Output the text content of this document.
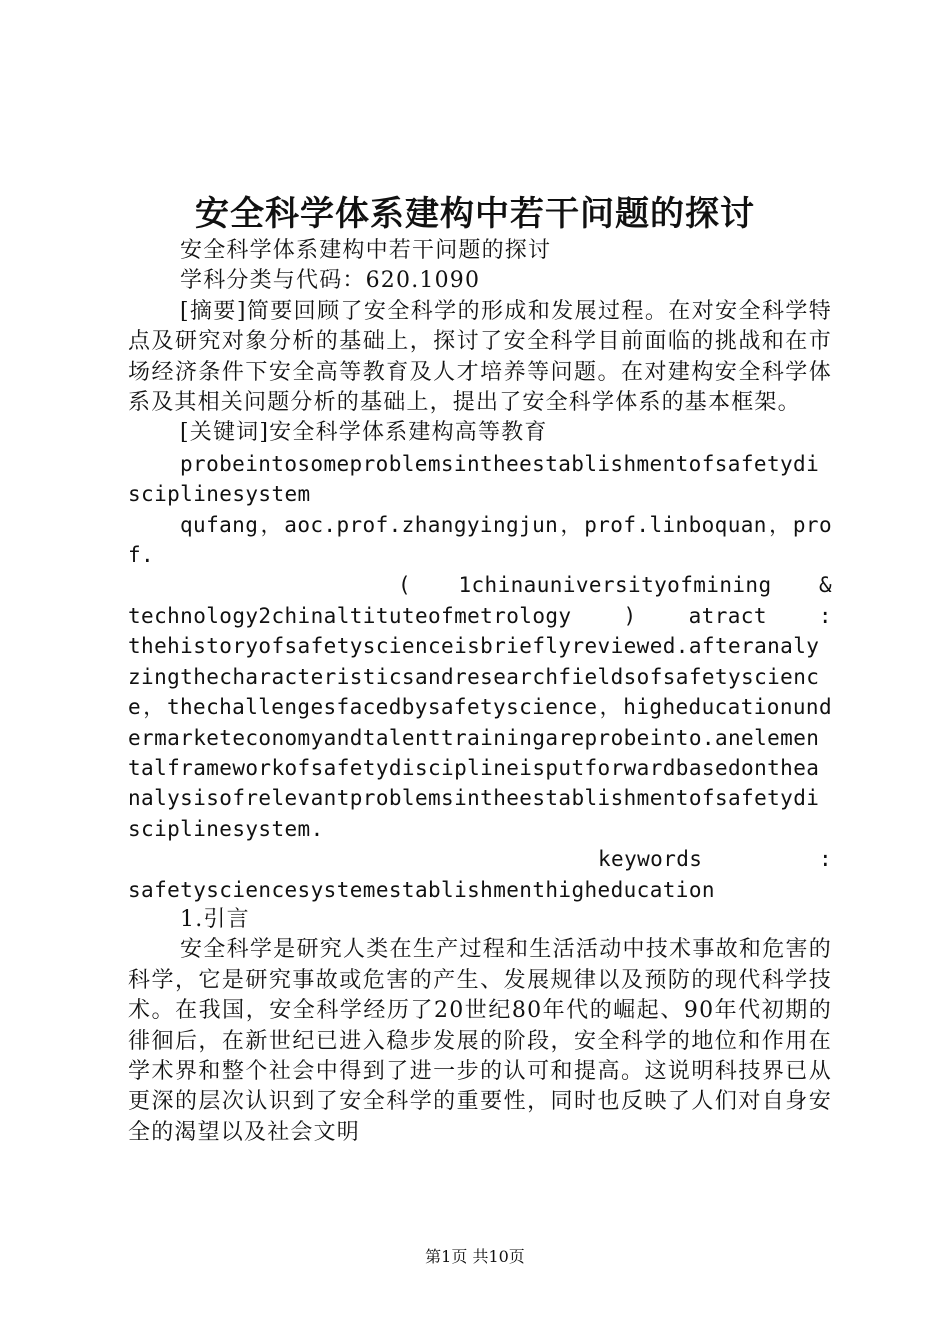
安全科学体系建构中若干问题的探讨

安全科学体系建构中若干问题的探讨

学科分类与代码：620.1090

[摘要]简要回顾了安全科学的形成和发展过程。在对安全科学特点及研究对象分析的基础上，探讨了安全科学目前面临的挑战和在市场经济条件下安全高等教育及人才培养等问题。在对建构安全科学体系及其相关问题分析的基础上，提出了安全科学体系的基本框架。

[关键词]安全科学体系建构高等教育

probeintosomeproblemsintheestablishmentofsafetydisciplinesystem

qufang，aoc.prof.zhangyingjun，prof.linboquan，prof.

( 1chinauniversityofmining &
technology2chinaltituteofmetrology ) atract :

thehistoryofsafetyscienceisbrieflyreviewed.afteranalyzingthecharacteristicsandresearchfieldsofsafetyscience，thechallengesfacedbysafetyscience，higheducationundermarketeconomyandtalenttrainingareprobeinto.anelementalframeworkofsafetydisciplineisputforwardbasedontheanalysisofrelevantproblemsintheestablishmentofsafetydisciplinesystem.

keywords	:

safetysciencesystemestablishmenthigheducation

1.引言

安全科学是研究人类在生产过程和生活活动中技术事故和危害的科学，它是研究事故或危害的产生、发展规律以及预防的现代科学技术。在我国，安全科学经历了20世纪80年代的崛起、90年代初期的徘徊后，在新世纪已进入稳步发展的阶段，安全科学的地位和作用在学术界和整个社会中得到了进一步的认可和提高。这说明科技界已从更深的层次认识到了安全科学的重要性，同时也反映了人们对自身安全的渴望以及社会文明

第1页 共10页
